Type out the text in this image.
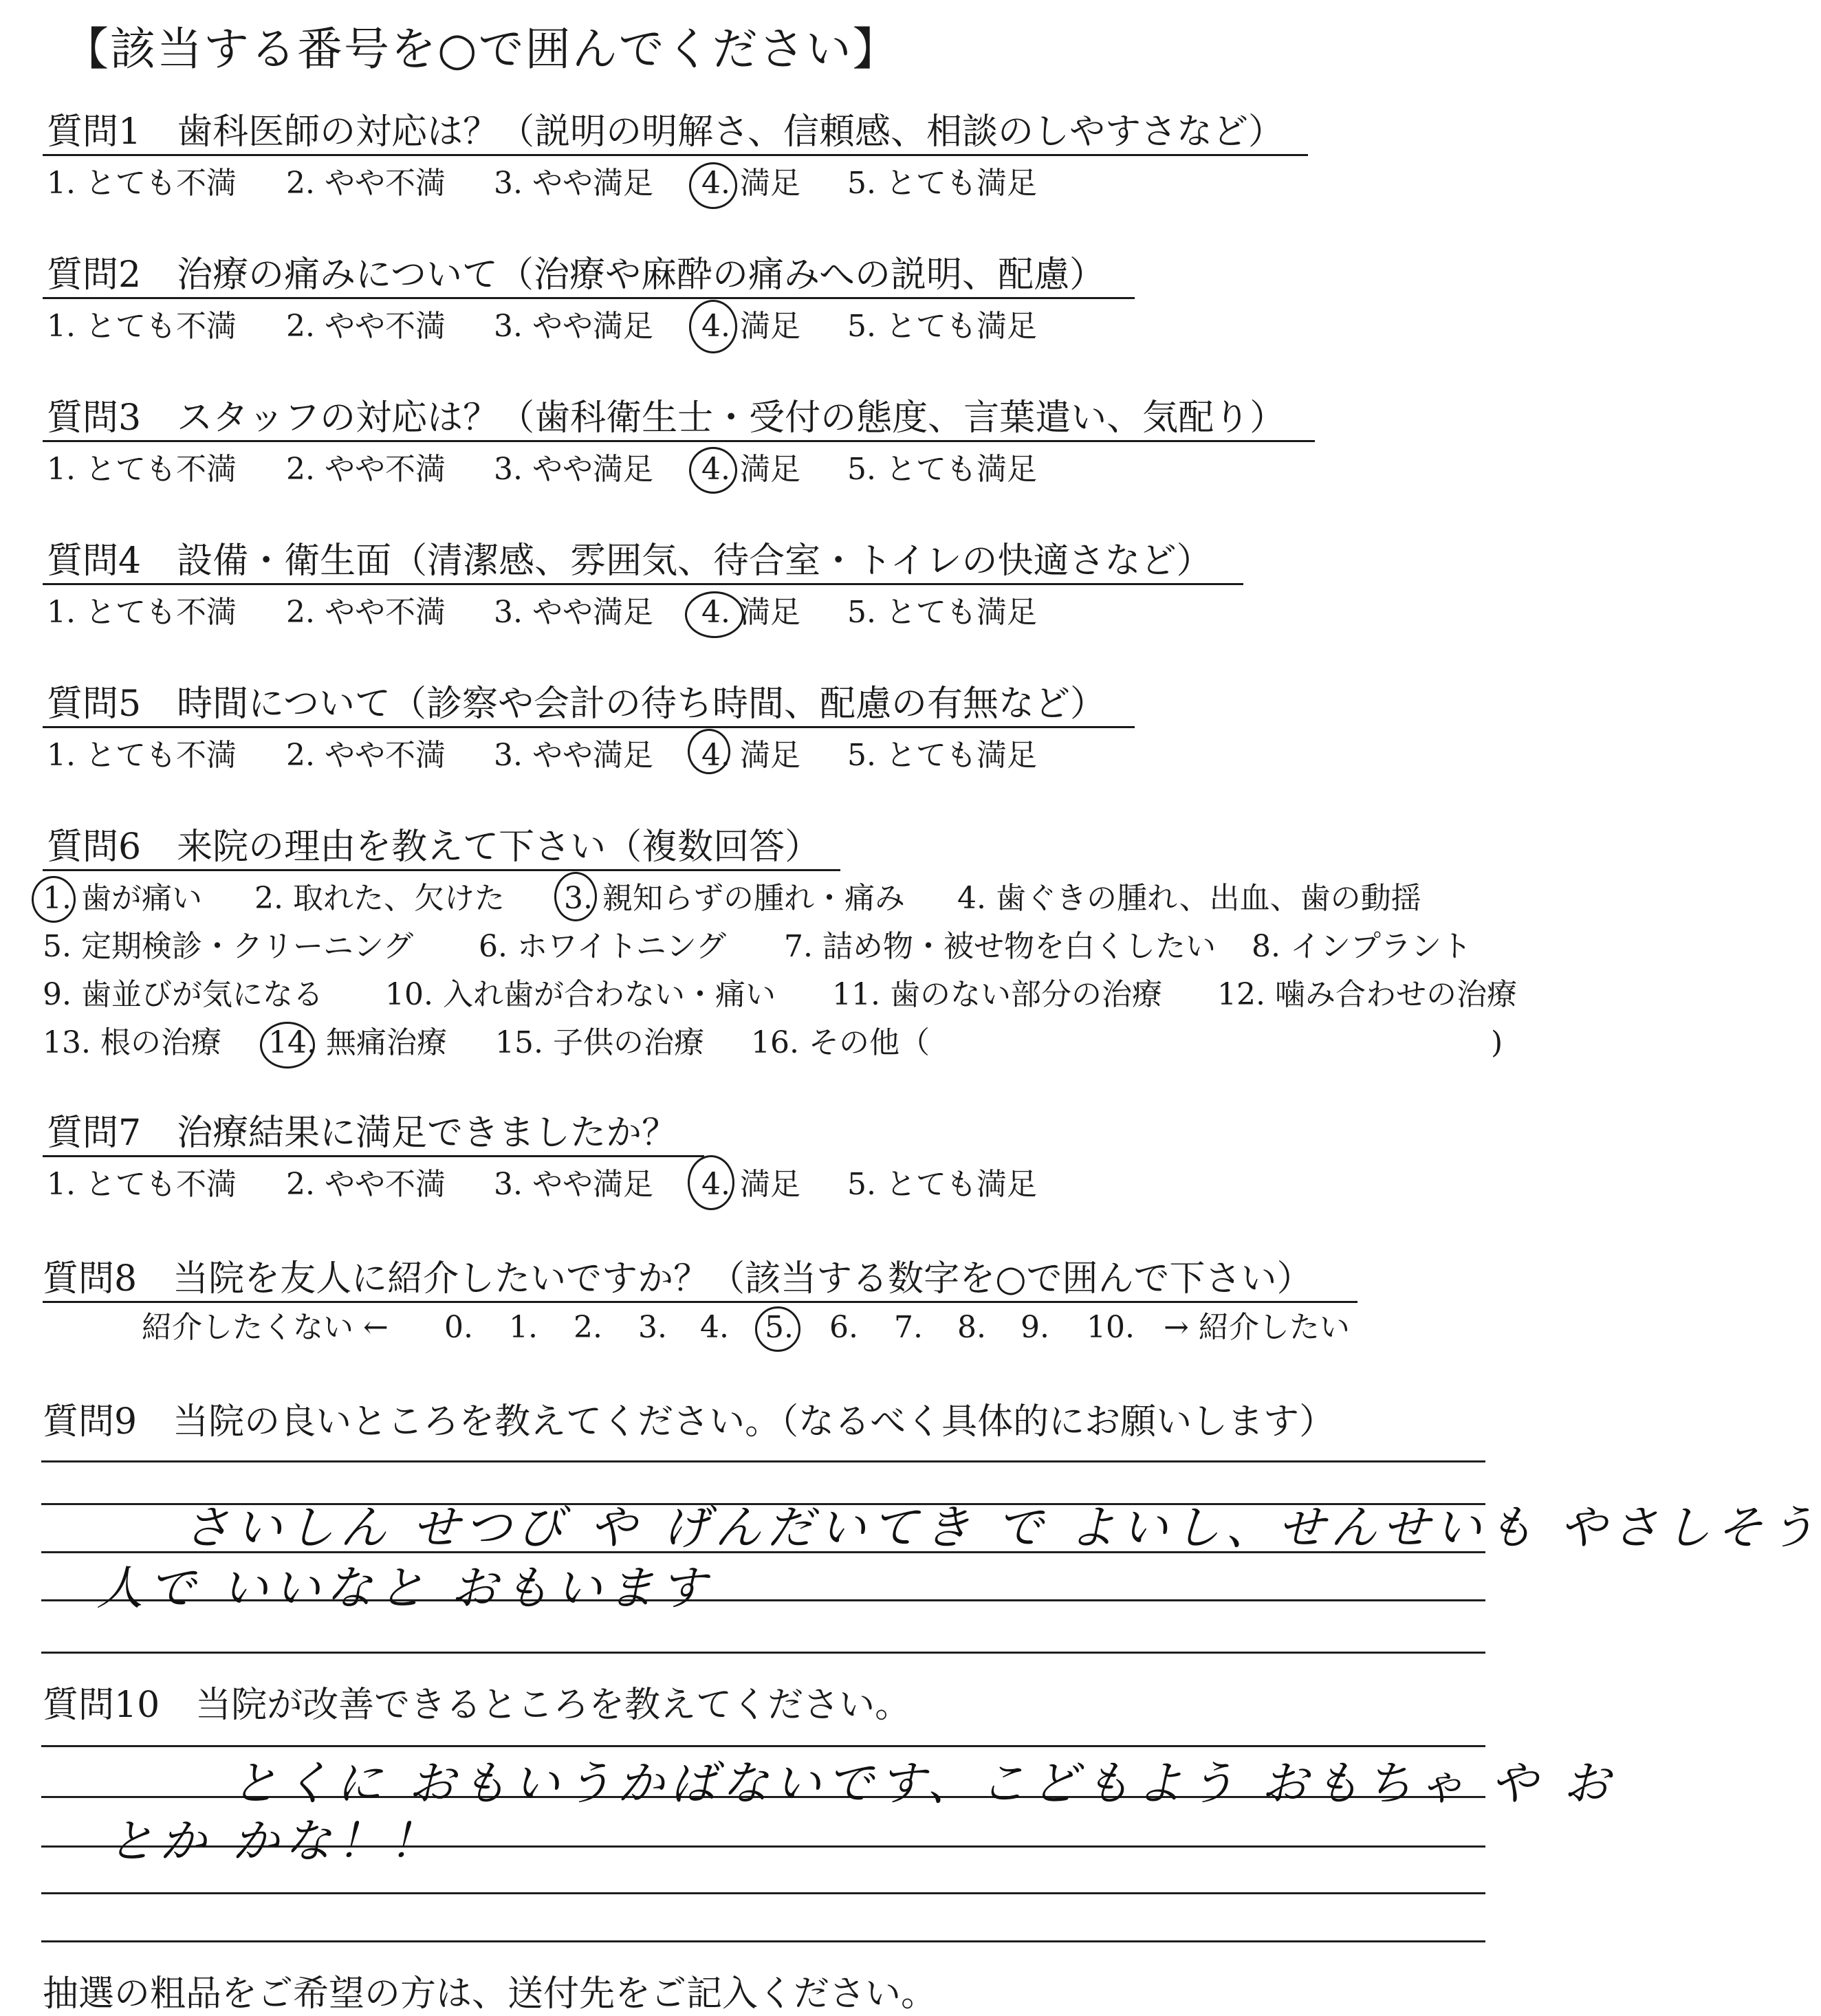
【該当する番号を○で囲んでください】
質問1　歯科医師の対応は？（説明の明解さ、信頼感、相談のしやすさなど）
1. とても不満 2. やや不満 3. やや満足 4. 満足 5. とても満足
質問2　治療の痛みについて（治療や麻酔の痛みへの説明、配慮）
1. とても不満 2. やや不満 3. やや満足 4. 満足 5. とても満足
質問3　スタッフの対応は？（歯科衛生士・受付の態度、言葉遣い、気配り）
1. とても不満 2. やや不満 3. やや満足 4. 満足 5. とても満足
質問4　設備・衛生面（清潔感、雰囲気、待合室・トイレの快適さなど）
1. とても不満 2. やや不満 3. やや満足 4. 満足 5. とても満足
質問5　時間について（診察や会計の待ち時間、配慮の有無など）
1. とても不満 2. やや不満 3. やや満足 4. 満足 5. とても満足
質問6　来院の理由を教えて下さい（複数回答）
1. 歯が痛い 2. 取れた、欠けた 3. 親知らずの腫れ・痛み 4. 歯ぐきの腫れ、出血、歯の動揺
5. 定期検診・クリーニング 6. ホワイトニング 7. 詰め物・被せ物を白くしたい 8. インプラント
9. 歯並びが気になる 10. 入れ歯が合わない・痛い 11. 歯のない部分の治療 12. 噛み合わせの治療
13. 根の治療 14. 無痛治療 15. 子供の治療 16. その他（	)
質問7　治療結果に満足できましたか？
1. とても不満 2. やや不満 3. やや満足 4. 満足 5. とても満足
質問8　当院を友人に紹介したいですか？（該当する数字を○で囲んで下さい）
紹介したくない ← 0. 1. 2. 3. 4. 5. 6. 7. 8. 9. 10. → 紹介したい
質問9　当院の良いところを教えてください。（なるべく具体的にお願いします）
さいしん せつび や げんだいてき で よいし、せんせいも やさしそう
人で いいなと おもいます
質問10　当院が改善できるところを教えてください。
とくに おもいうかばないです、こどもよう おもちゃ や お
とか かな！！
抽選の粗品をご希望の方は、送付先をご記入ください。
